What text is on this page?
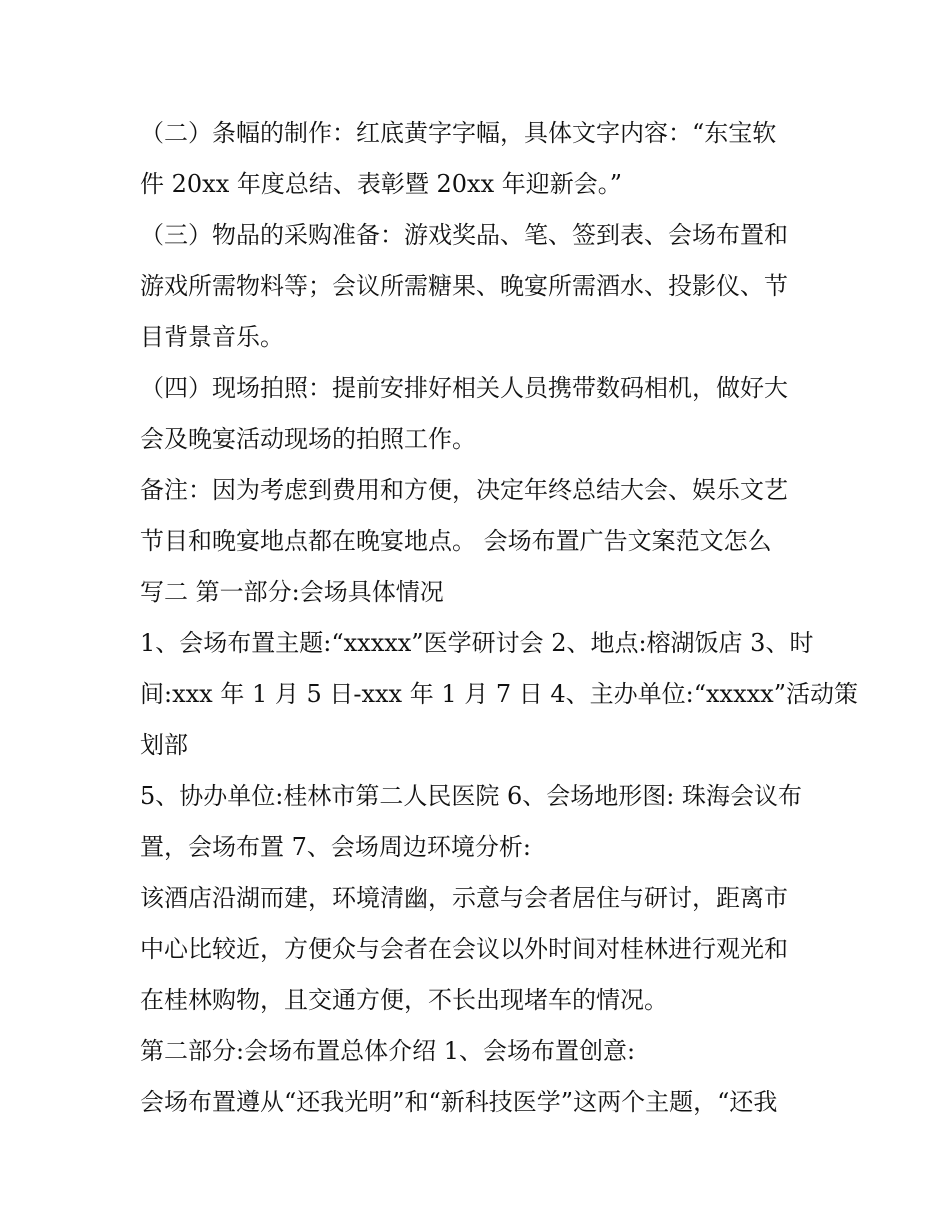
（二）条幅的制作：红底黄字字幅，具体文字内容：“东宝软
件 20xx 年度总结、表彰暨 20xx 年迎新会。”
（三）物品的采购准备：游戏奖品、笔、签到表、会场布置和
游戏所需物料等；会议所需糖果、晚宴所需酒水、投影仪、节
目背景音乐。
（四）现场拍照：提前安排好相关人员携带数码相机，做好大
会及晚宴活动现场的拍照工作。
备注：因为考虑到费用和方便，决定年终总结大会、娱乐文艺
节目和晚宴地点都在晚宴地点。 会场布置广告文案范文怎么
写二 第一部分:会场具体情况
1、会场布置主题:“xxxxx”医学研讨会 2、地点:榕湖饭店 3、时
间:xxx 年 1 月 5 日-xxx 年 1 月 7 日 4、主办单位:“xxxxx”活动策
划部
5、协办单位:桂林市第二人民医院 6、会场地形图: 珠海会议布
置，会场布置 7、会场周边环境分析:
该酒店沿湖而建，环境清幽，示意与会者居住与研讨，距离市
中心比较近，方便众与会者在会议以外时间对桂林进行观光和
在桂林购物，且交通方便，不长出现堵车的情况。
第二部分:会场布置总体介绍 1、会场布置创意:
会场布置遵从“还我光明”和“新科技医学”这两个主题，“还我
